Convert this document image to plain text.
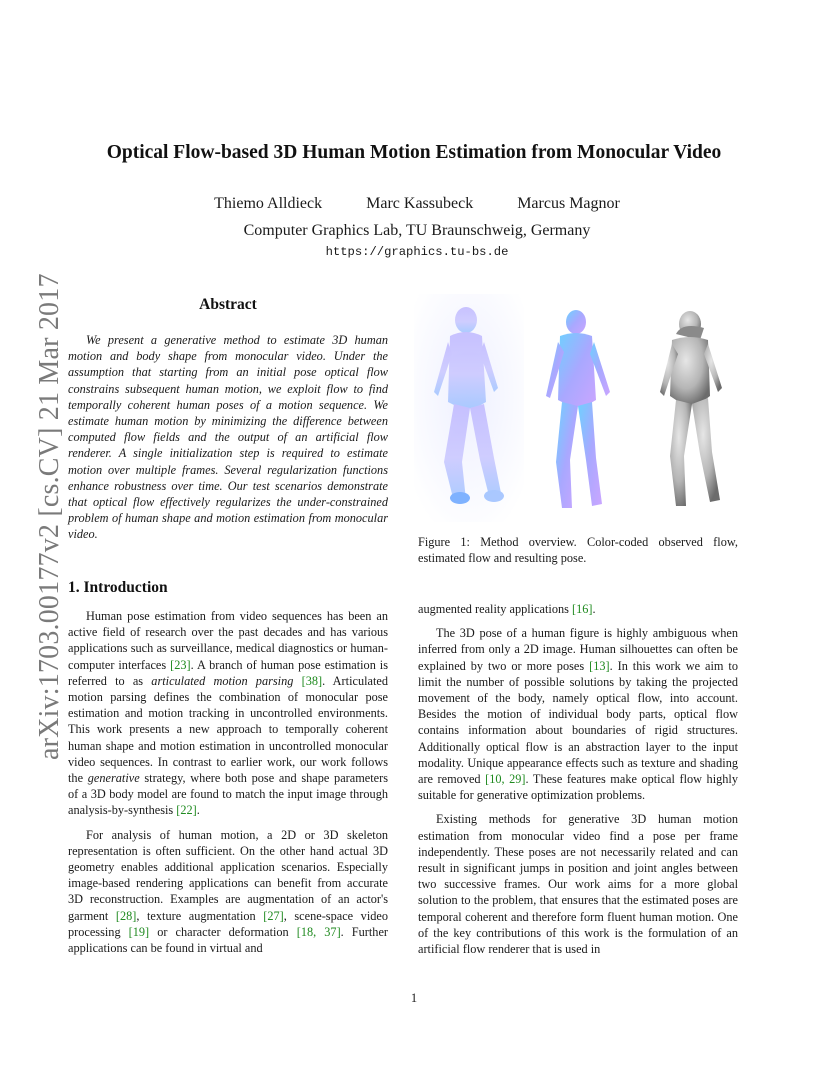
arXiv:1703.00177v2 [cs.CV] 21 Mar 2017
Optical Flow-based 3D Human Motion Estimation from Monocular Video
Thiemo Alldieck	Marc Kassubeck	Marcus Magnor
Computer Graphics Lab, TU Braunschweig, Germany
https://graphics.tu-bs.de
Abstract

We present a generative method to estimate 3D human motion and body shape from monocular video. Under the assumption that starting from an initial pose optical flow constrains subsequent human motion, we exploit flow to find temporally coherent human poses of a motion sequence. We estimate human motion by minimizing the difference between computed flow fields and the output of an artificial flow renderer. A single initialization step is required to estimate motion over multiple frames. Several regularization functions enhance robustness over time. Our test scenarios demonstrate that optical flow effectively regularizes the under-constrained problem of human shape and motion estimation from monocular video.

Figure 1: Method overview. Color-coded observed flow, estimated flow and resulting pose.

1. Introduction

Human pose estimation from video sequences has been an active field of research over the past decades and has various applications such as surveillance, medical diagnostics or human-computer interfaces [23]. A branch of human pose estimation is referred to as articulated motion parsing [38]. Articulated motion parsing defines the combination of monocular pose estimation and motion tracking in uncontrolled environments. This work presents a new approach to temporally coherent human shape and motion estimation in uncontrolled monocular video sequences. In contrast to earlier work, our work follows the generative strategy, where both pose and shape parameters of a 3D body model are found to match the input image through analysis-by-synthesis [22].

For analysis of human motion, a 2D or 3D skeleton representation is often sufficient. On the other hand actual 3D geometry enables additional application scenarios. Especially image-based rendering applications can benefit from accurate 3D reconstruction. Examples are augmentation of an actor's garment [28], texture augmentation [27], scene-space video processing [19] or character deformation [18, 37]. Further applications can be found in virtual and

augmented reality applications [16].

The 3D pose of a human figure is highly ambiguous when inferred from only a 2D image. Human silhouettes can often be explained by two or more poses [13]. In this work we aim to limit the number of possible solutions by taking the projected movement of the body, namely optical flow, into account. Besides the motion of individual body parts, optical flow contains information about boundaries of rigid structures. Additionally optical flow is an abstraction layer to the input modality. Unique appearance effects such as texture and shading are removed [10, 29]. These features make optical flow highly suitable for generative optimization problems.

Existing methods for generative 3D human motion estimation from monocular video find a pose per frame independently. These poses are not necessarily related and can result in significant jumps in position and joint angles between two successive frames. Our work aims for a more global solution to the problem, that ensures that the estimated poses are temporal coherent and therefore form fluent human motion. One of the key contributions of this work is the formulation of an artificial flow renderer that is used in

1
